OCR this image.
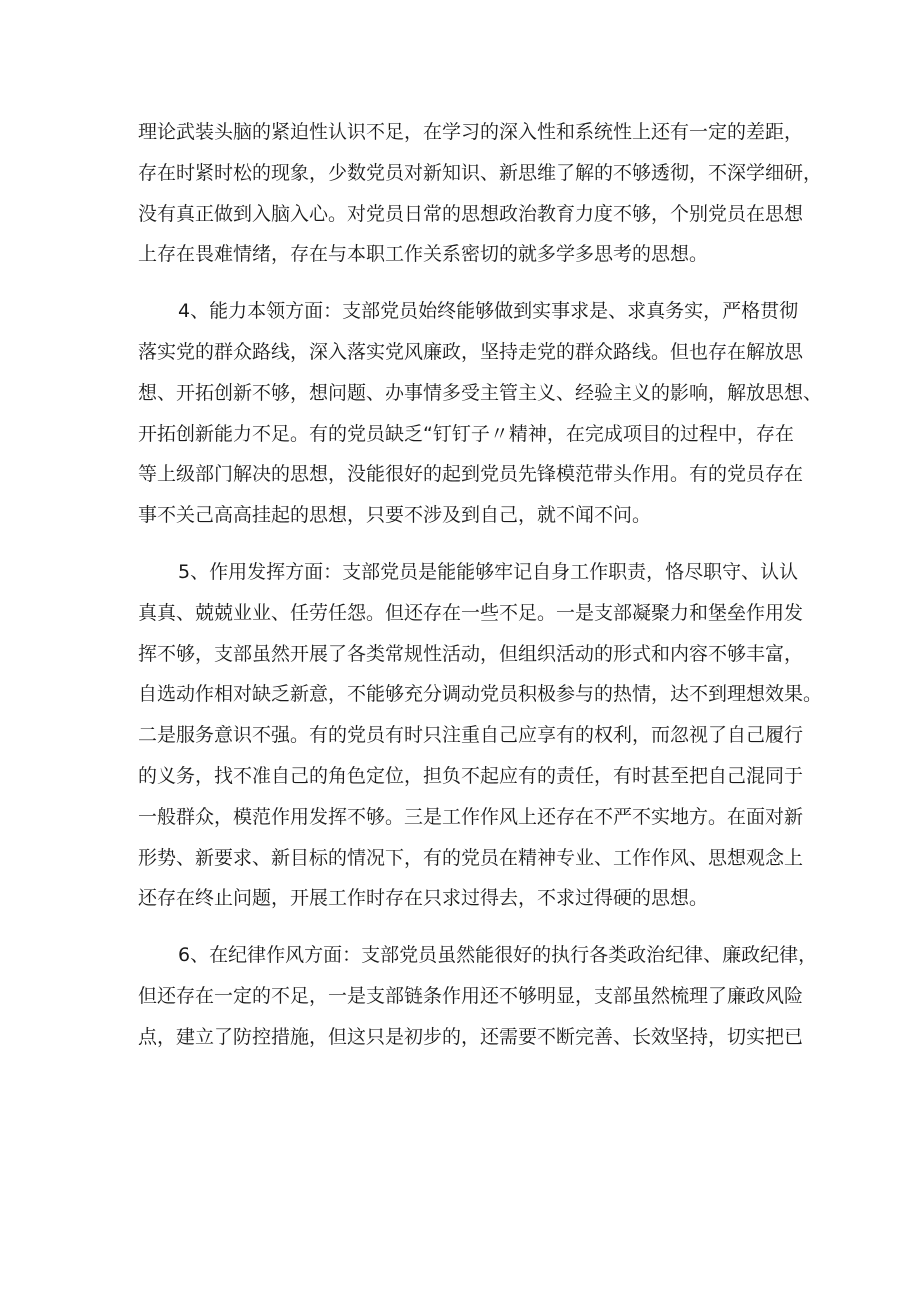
理论武装头脑的紧迫性认识不足，在学习的深入性和系统性上还有一定的差距，
存在时紧时松的现象，少数党员对新知识、新思维了解的不够透彻，不深学细研，
没有真正做到入脑入心。对党员日常的思想政治教育力度不够，个别党员在思想
上存在畏难情绪，存在与本职工作关系密切的就多学多思考的思想。
4、能力本领方面：支部党员始终能够做到实事求是、求真务实，严格贯彻
落实党的群众路线，深入落实党风廉政，坚持走党的群众路线。但也存在解放思
想、开拓创新不够，想问题、办事情多受主管主义、经验主义的影响，解放思想、
开拓创新能力不足。有的党员缺乏“钉钉子〃精神，在完成项目的过程中，存在
等上级部门解决的思想，没能很好的起到党员先锋模范带头作用。有的党员存在
事不关己高高挂起的思想，只要不涉及到自己，就不闻不问。
5、作用发挥方面：支部党员是能能够牢记自身工作职责，恪尽职守、认认
真真、兢兢业业、任劳任怨。但还存在一些不足。一是支部凝聚力和堡垒作用发
挥不够，支部虽然开展了各类常规性活动，但组织活动的形式和内容不够丰富，
自选动作相对缺乏新意，不能够充分调动党员积极参与的热情，达不到理想效果。
二是服务意识不强。有的党员有时只注重自己应享有的权利，而忽视了自己履行
的义务，找不准自己的角色定位，担负不起应有的责任，有时甚至把自己混同于
一般群众，模范作用发挥不够。三是工作作风上还存在不严不实地方。在面对新
形势、新要求、新目标的情况下，有的党员在精神专业、工作作风、思想观念上
还存在终止问题，开展工作时存在只求过得去，不求过得硬的思想。
6、在纪律作风方面：支部党员虽然能很好的执行各类政治纪律、廉政纪律，
但还存在一定的不足，一是支部链条作用还不够明显，支部虽然梳理了廉政风险
点，建立了防控措施，但这只是初步的，还需要不断完善、长效坚持，切实把已
